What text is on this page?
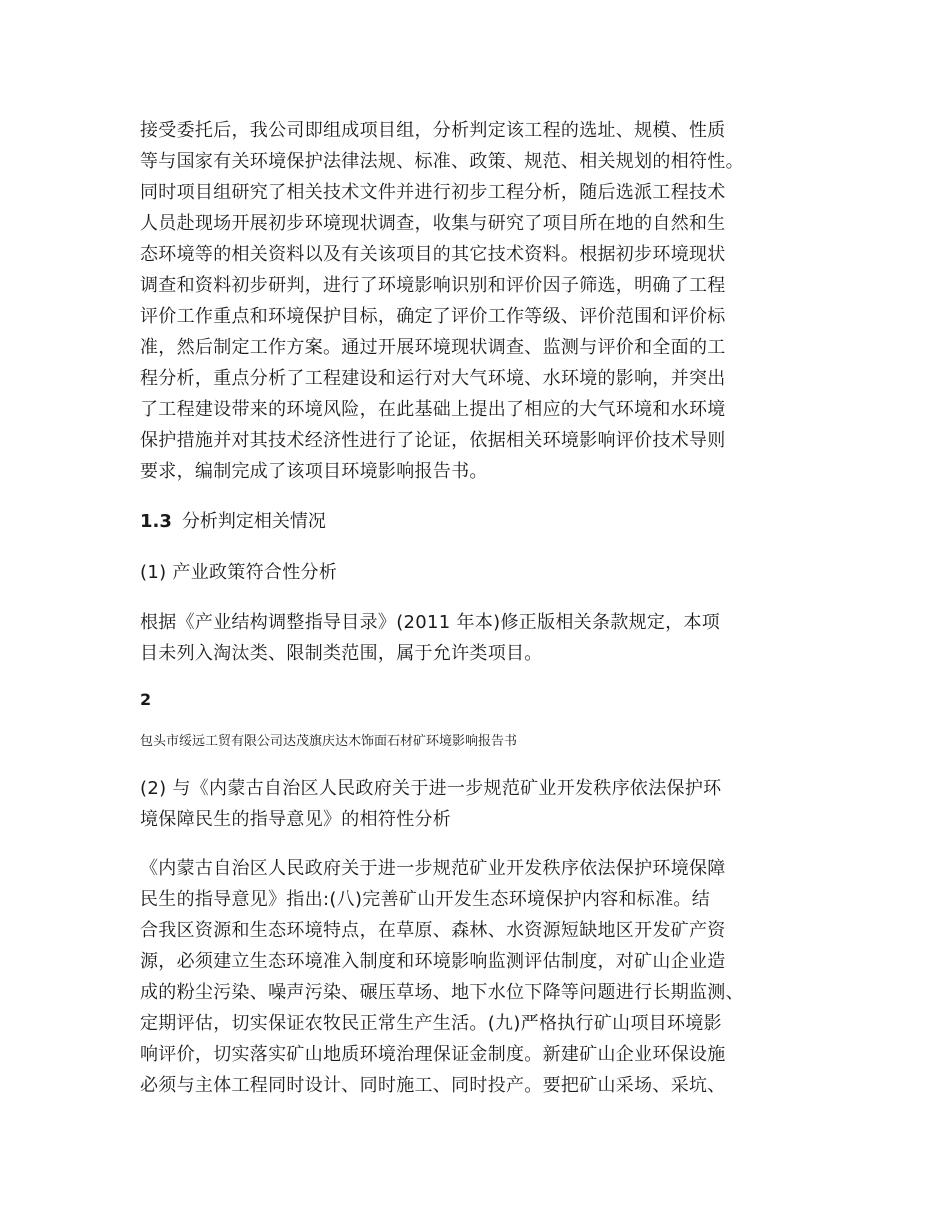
接受委托后，我公司即组成项目组，分析判定该工程的选址、规模、性质
等与国家有关环境保护法律法规、标准、政策、规范、相关规划的相符性。
同时项目组研究了相关技术文件并进行初步工程分析，随后选派工程技术
人员赴现场开展初步环境现状调查，收集与研究了项目所在地的自然和生
态环境等的相关资料以及有关该项目的其它技术资料。根据初步环境现状
调查和资料初步研判，进行了环境影响识别和评价因子筛选，明确了工程
评价工作重点和环境保护目标，确定了评价工作等级、评价范围和评价标
准，然后制定工作方案。通过开展环境现状调查、监测与评价和全面的工
程分析，重点分析了工程建设和运行对大气环境、水环境的影响，并突出
了工程建设带来的环境风险，在此基础上提出了相应的大气环境和水环境
保护措施并对其技术经济性进行了论证，依据相关环境影响评价技术导则
要求，编制完成了该项目环境影响报告书。
1.3 分析判定相关情况
(1) 产业政策符合性分析
根据《产业结构调整指导目录》(2011 年本)修正版相关条款规定，本项
目未列入淘汰类、限制类范围，属于允许类项目。
2
包头市绥远工贸有限公司达茂旗庆达木饰面石材矿环境影响报告书
(2) 与《内蒙古自治区人民政府关于进一步规范矿业开发秩序依法保护环
境保障民生的指导意见》的相符性分析
《内蒙古自治区人民政府关于进一步规范矿业开发秩序依法保护环境保障
民生的指导意见》指出:(八)完善矿山开发生态环境保护内容和标准。结
合我区资源和生态环境特点，在草原、森林、水资源短缺地区开发矿产资
源，必须建立生态环境准入制度和环境影响监测评估制度，对矿山企业造
成的粉尘污染、噪声污染、碾压草场、地下水位下降等问题进行长期监测、
定期评估，切实保证农牧民正常生产生活。(九)严格执行矿山项目环境影
响评价，切实落实矿山地质环境治理保证金制度。新建矿山企业环保设施
必须与主体工程同时设计、同时施工、同时投产。要把矿山采场、采坑、
